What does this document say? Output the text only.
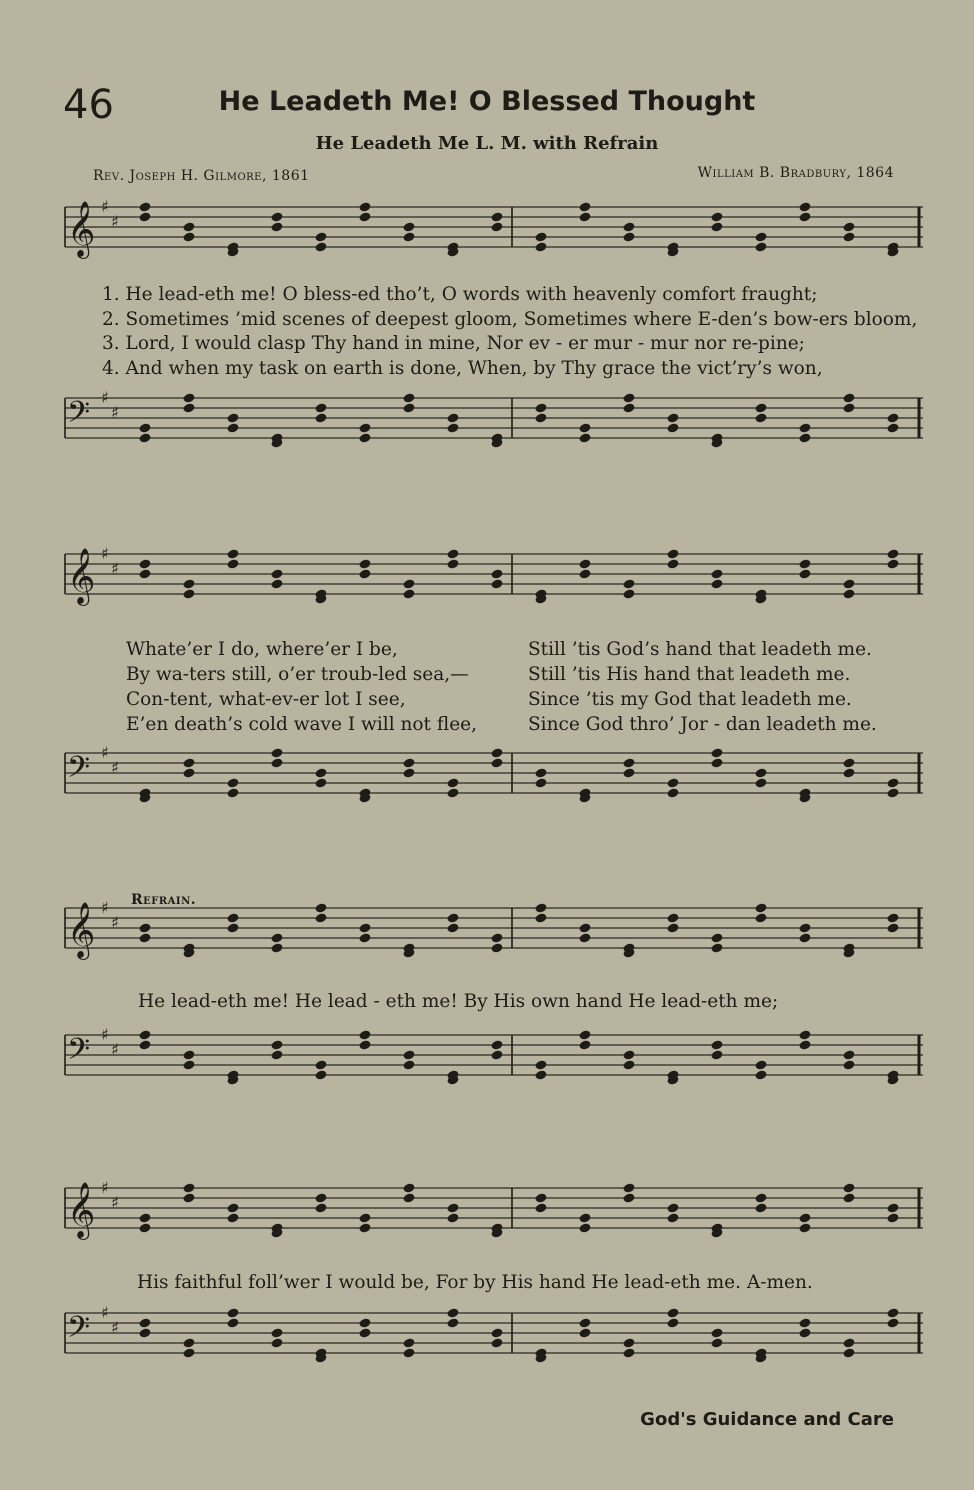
46	He Leadeth Me! O Blessed Thought
He Leadeth Me L. M. with Refrain
Rev. Joseph H. Gilmore, 1861	William B. Bradbury, 1864
𝄞 ♯
♯
1. He lead-eth me! O bless-ed tho’t, O words with heavenly comfort fraught;
2. Sometimes ’mid scenes of deepest gloom, Sometimes where E-den’s bow-ers bloom,
3. Lord, I would clasp Thy hand in mine, Nor ev - er mur - mur nor re-pine;
4. And when my task on earth is done, When, by Thy grace the vict’ry’s won,
𝄢 ♯
♯
𝄞 ♯
♯
Whate’er I do, where’er I be,	Still ’tis God’s hand that leadeth me.
By wa-ters still, o’er troub-led sea,—	Still ’tis His hand that leadeth me.
Con-tent, what-ev-er lot I see,	Since ’tis my God that leadeth me.
E’en death’s cold wave I will not flee,	Since God thro’ Jor - dan leadeth me.
𝄢 ♯
♯
Refrain.
𝄞 ♯
♯
He lead-eth me! He lead - eth me! By His own hand He lead-eth me;
𝄢 ♯
♯
𝄞 ♯
♯
His faithful foll’wer I would be, For by His hand He lead-eth me. A-men.
𝄢 ♯
♯
God's Guidance and Care
